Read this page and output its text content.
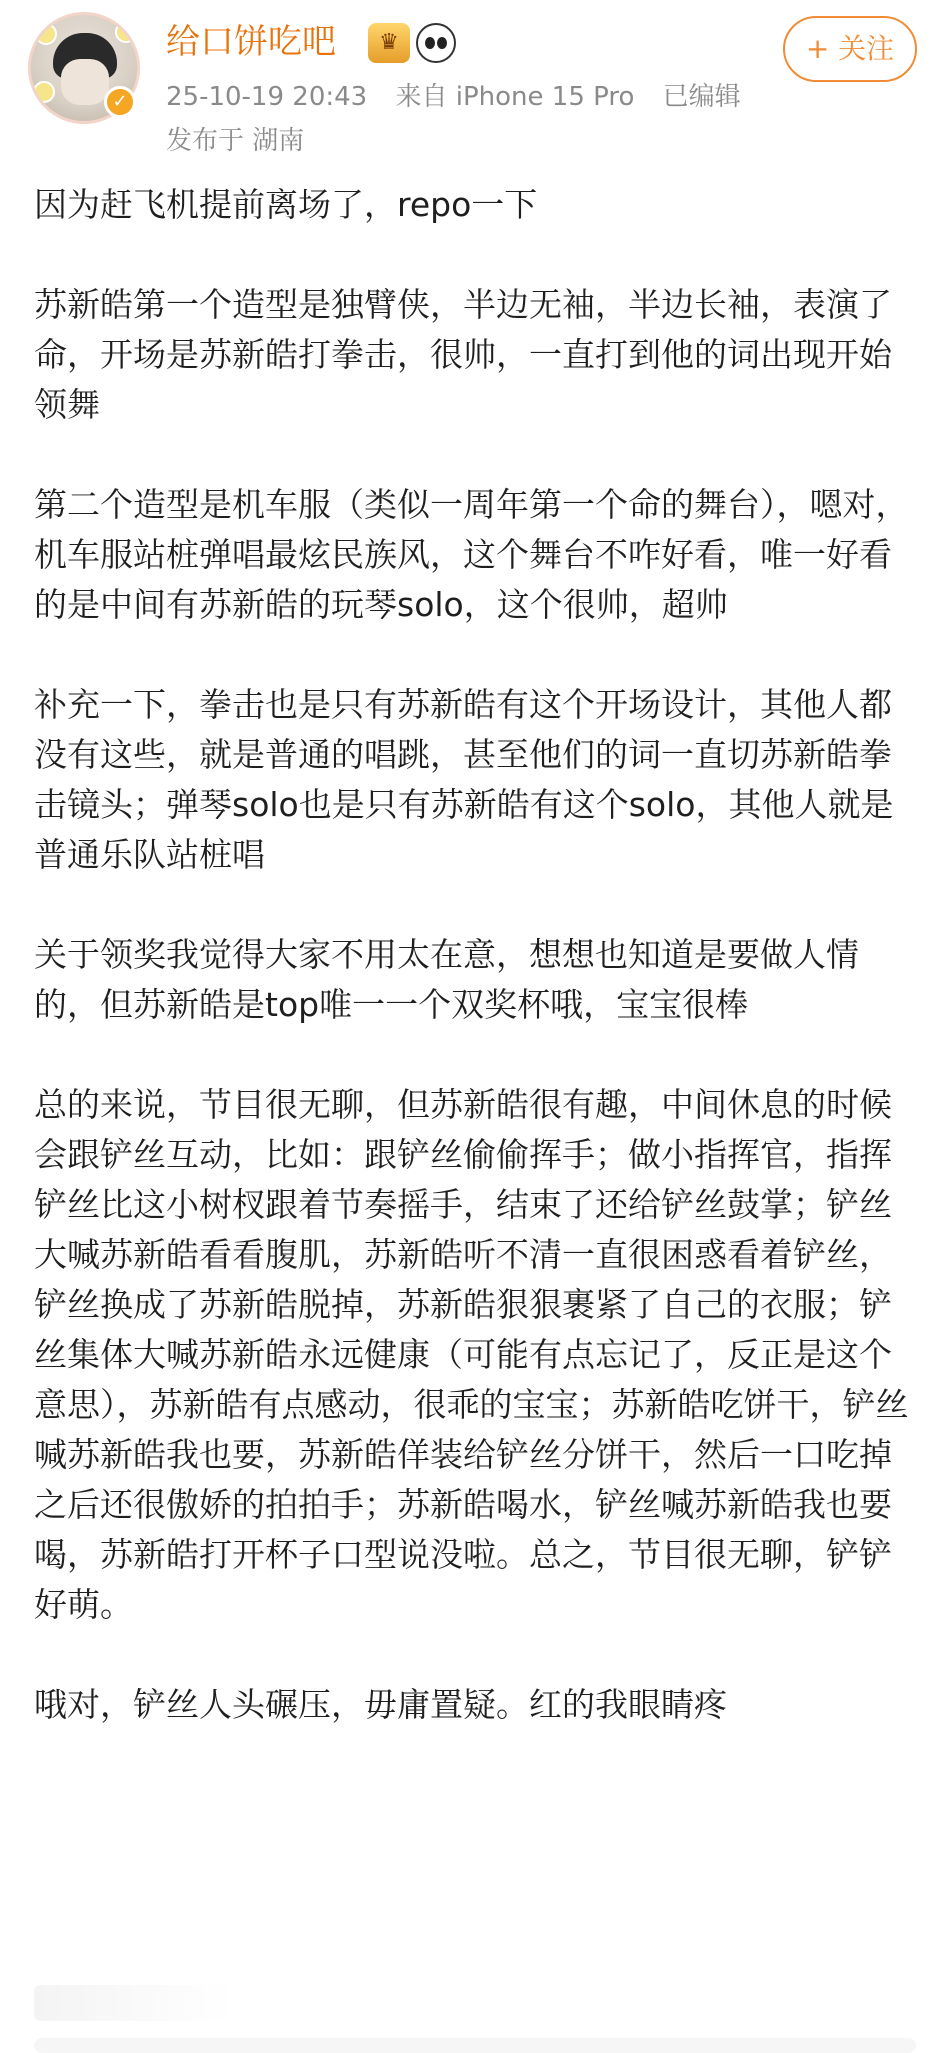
✓
给口饼吃吧	♛
25-10-19 20:43 来自 iPhone 15 Pro 已编辑
发布于 湖南
+ 关注

因为赶飞机提前离场了，repo一下

苏新皓第一个造型是独臂侠，半边无袖，半边长袖，表演了命，开场是苏新皓打拳击，很帅，一直打到他的词出现开始领舞

第二个造型是机车服（类似一周年第一个命的舞台），嗯对，机车服站桩弹唱最炫民族风，这个舞台不咋好看，唯一好看的是中间有苏新皓的玩琴solo，这个很帅，超帅

补充一下，拳击也是只有苏新皓有这个开场设计，其他人都没有这些，就是普通的唱跳，甚至他们的词一直切苏新皓拳击镜头；弹琴solo也是只有苏新皓有这个solo，其他人就是普通乐队站桩唱

关于领奖我觉得大家不用太在意，想想也知道是要做人情的，但苏新皓是top唯一一个双奖杯哦，宝宝很棒

总的来说，节目很无聊，但苏新皓很有趣，中间休息的时候会跟铲丝互动，比如：跟铲丝偷偷挥手；做小指挥官，指挥铲丝比这小树杈跟着节奏摇手，结束了还给铲丝鼓掌；铲丝大喊苏新皓看看腹肌，苏新皓听不清一直很困惑看着铲丝，铲丝换成了苏新皓脱掉，苏新皓狠狠裹紧了自己的衣服；铲丝集体大喊苏新皓永远健康（可能有点忘记了，反正是这个意思），苏新皓有点感动，很乖的宝宝；苏新皓吃饼干，铲丝喊苏新皓我也要，苏新皓佯装给铲丝分饼干，然后一口吃掉之后还很傲娇的拍拍手；苏新皓喝水，铲丝喊苏新皓我也要喝，苏新皓打开杯子口型说没啦。总之，节目很无聊，铲铲好萌。

哦对，铲丝人头碾压，毋庸置疑。红的我眼睛疼
